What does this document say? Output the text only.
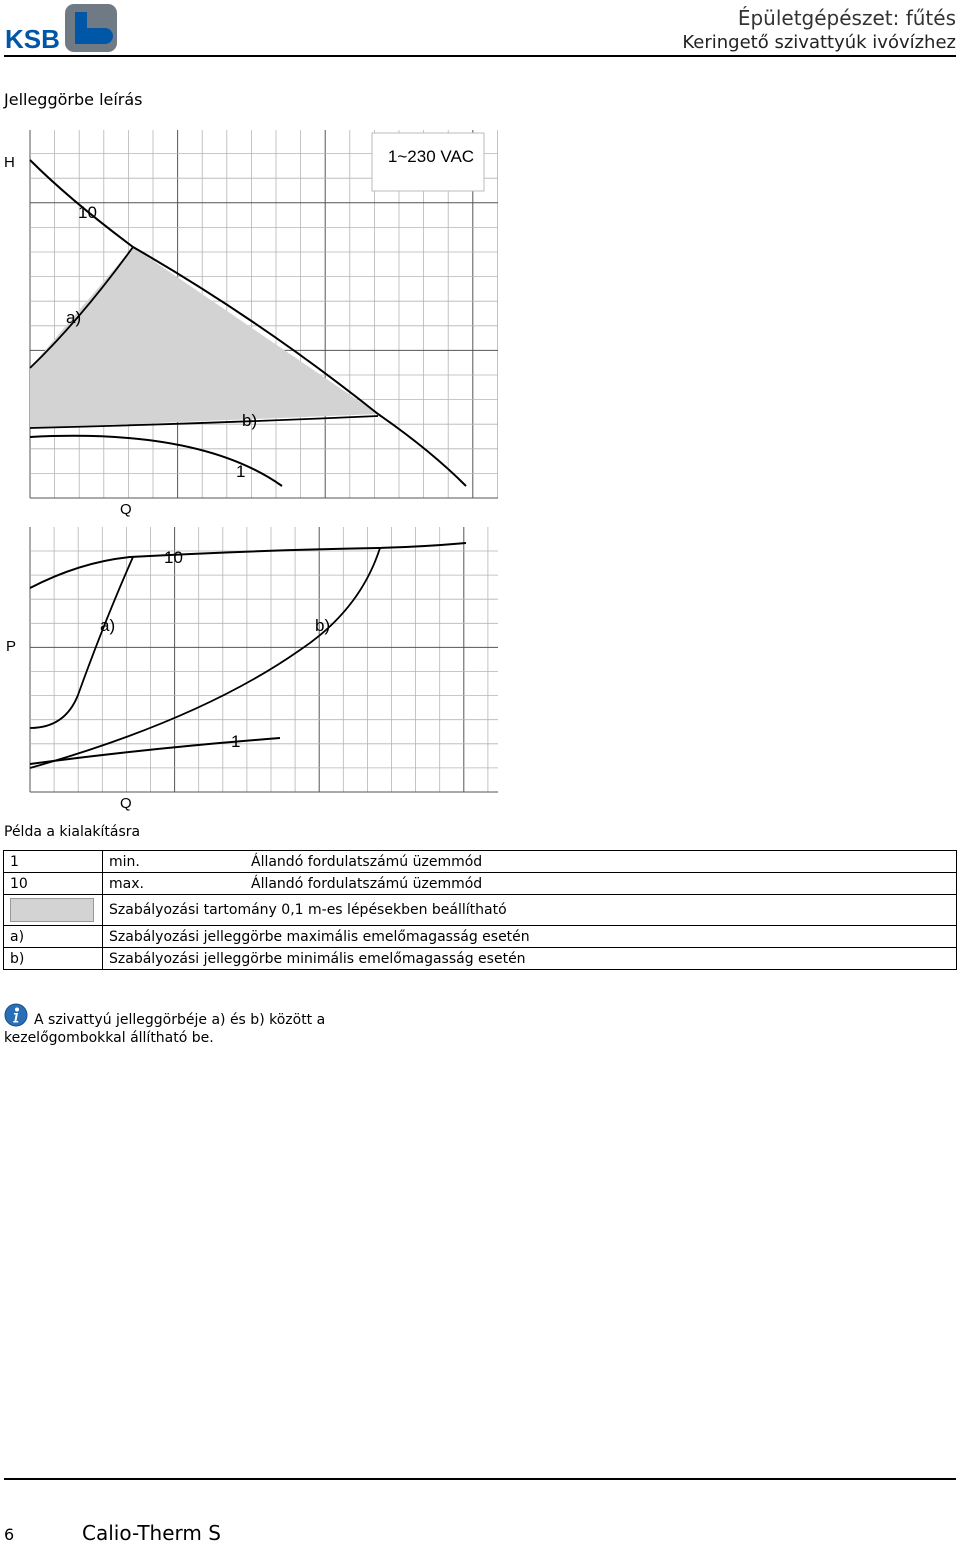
KSB
Épületgépészet: fűtés
Keringető szivattyúk ivóvízhez
Jelleggörbe leírás
1~230 VAC
H
Q
10
a)
b)
1
P
Q
10
a)	b)
1
Példa a kialakításra
1	min.	Állandó fordulatszámú üzemmód
10	max.	Állandó fordulatszámú üzemmód
	Szabályozási tartomány 0,1 m-es lépésekben beállítható	
a)	Szabályozási jelleggörbe maximális emelőmagasság esetén	
b)	Szabályozási jelleggörbe minimális emelőmagasság esetén	
A szivattyú jelleggörbéje a) és b) között a kezelőgombokkal állítható be.
6	Calio-Therm S
